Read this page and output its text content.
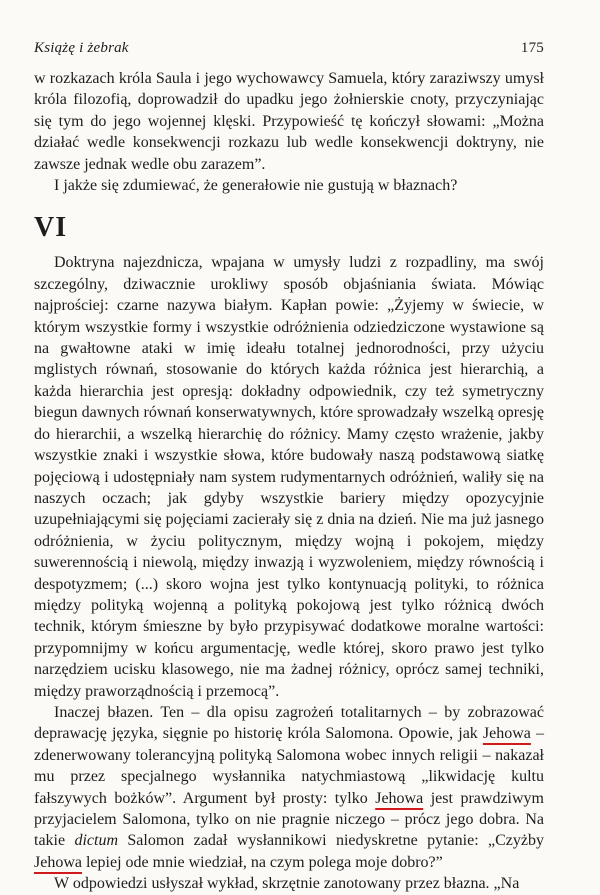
Książę i żebrak	175

w rozkazach króla Saula i jego wychowawcy Samuela, który zaraziwszy umysł króla filozofią, doprowadził do upadku jego żołnierskie cnoty, przyczyniając się tym do jego wojennej klęski. Przypowieść tę kończył słowami: „Można działać wedle konsekwencji rozkazu lub wedle konsekwencji doktryny, nie zawsze jednak wedle obu zarazem”.

I jakże się zdumiewać, że generałowie nie gustują w błaznach?

VI

Doktryna najezdnicza, wpajana w umysły ludzi z rozpadliny, ma swój szczególny, dziwacznie urokliwy sposób objaśniania świata. Mówiąc najprościej: czarne nazywa białym. Kapłan powie: „Żyjemy w świecie, w którym wszystkie formy i wszystkie odróżnienia odziedziczone wystawione są na gwałtowne ataki w imię ideału totalnej jednorodności, przy użyciu mglistych równań, stosowanie do których każda różnica jest hierarchią, a każda hierarchia jest opresją: dokładny odpowiednik, czy też symetryczny biegun dawnych równań konserwatywnych, które sprowadzały wszelką opresję do hierarchii, a wszelką hierarchię do różnicy. Mamy często wrażenie, jakby wszystkie znaki i wszystkie słowa, które budowały naszą podstawową siatkę pojęciową i udostępniały nam system rudymentarnych odróżnień, waliły się na naszych oczach; jak gdyby wszystkie bariery między opozycyjnie uzupełniającymi się pojęciami zacierały się z dnia na dzień. Nie ma już jasnego odróżnienia, w życiu politycznym, między wojną i pokojem, między suwerennością i niewolą, między inwazją i wyzwoleniem, między równością i despotyzmem; (...) skoro wojna jest tylko kontynuacją polityki, to różnica między polityką wojenną a polityką pokojową jest tylko różnicą dwóch technik, którym śmieszne by było przypisywać dodatkowe moralne wartości: przypomnijmy w końcu argumentację, wedle której, skoro prawo jest tylko narzędziem ucisku klasowego, nie ma żadnej różnicy, oprócz samej techniki, między praworządnością i przemocą”.

Inaczej błazen. Ten – dla opisu zagrożeń totalitarnych – by zobrazować deprawację języka, sięgnie po historię króla Salomona. Opowie, jak Jehowa – zdenerwowany tolerancyjną polityką Salomona wobec innych religii – nakazał mu przez specjalnego wysłannika natychmiastową „likwidację kultu fałszywych bożków”. Argument był prosty: tylko Jehowa jest prawdziwym przyjacielem Salomona, tylko on nie pragnie niczego – prócz jego dobra. Na takie dictum Salomon zadał wysłannikowi niedyskretne pytanie: „Czyżby Jehowa lepiej ode mnie wiedział, na czym polega moje dobro?”

W odpowiedzi usłyszał wykład, skrzętnie zanotowany przez błazna. „Na
